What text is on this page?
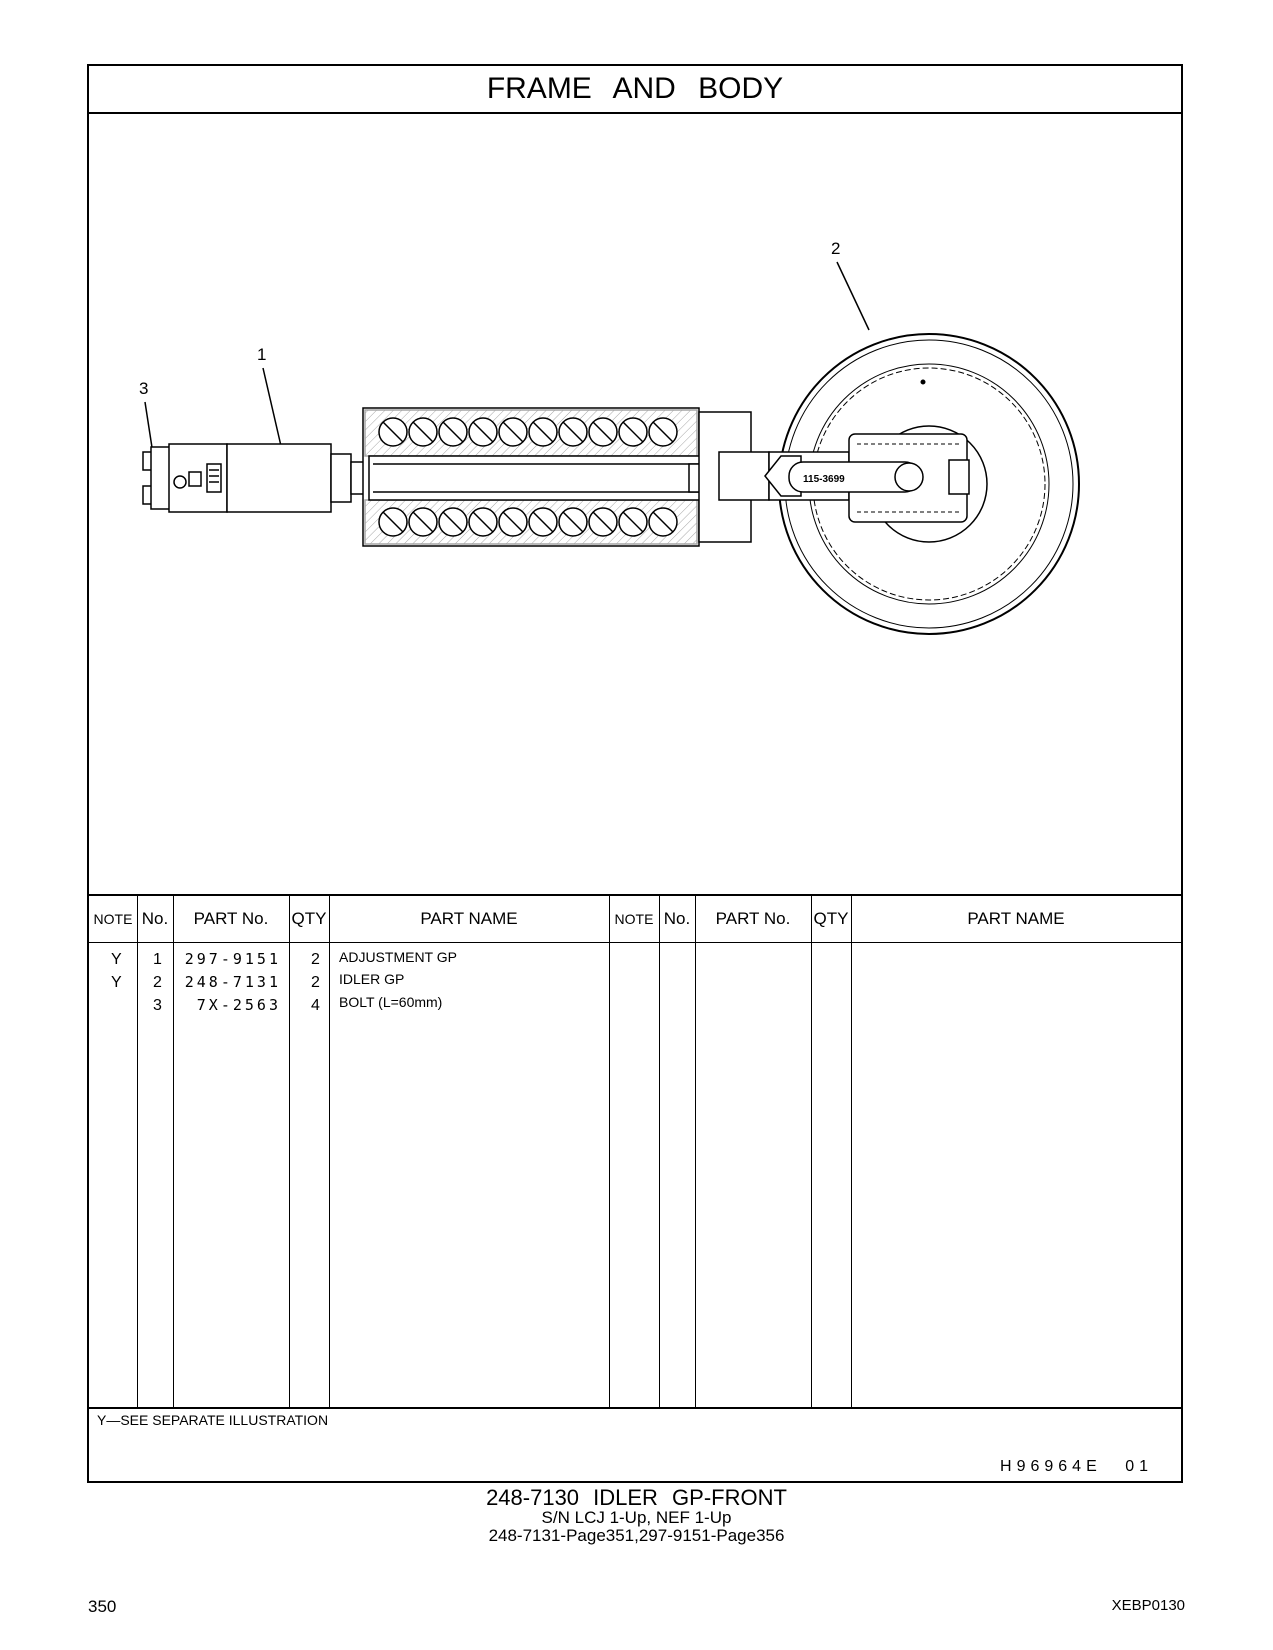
FRAME AND BODY
1
3
2
115-3699
NOTE No.	PART No.	QTY	PART NAME	NOTE No.	PART No.	QTY	PART NAME
Y 1	297-9151 2 ADJUSTMENT GP
Y 2	248-7131 2 IDLER GP
3	7X-2563 4 BOLT (L=60mm)
Y—SEE SEPARATE ILLUSTRATION
H96964E 01
248-7130 IDLER GP-FRONT
S/N LCJ 1-Up, NEF 1-Up
248-7131-Page351,297-9151-Page356
350	XEBP0130
